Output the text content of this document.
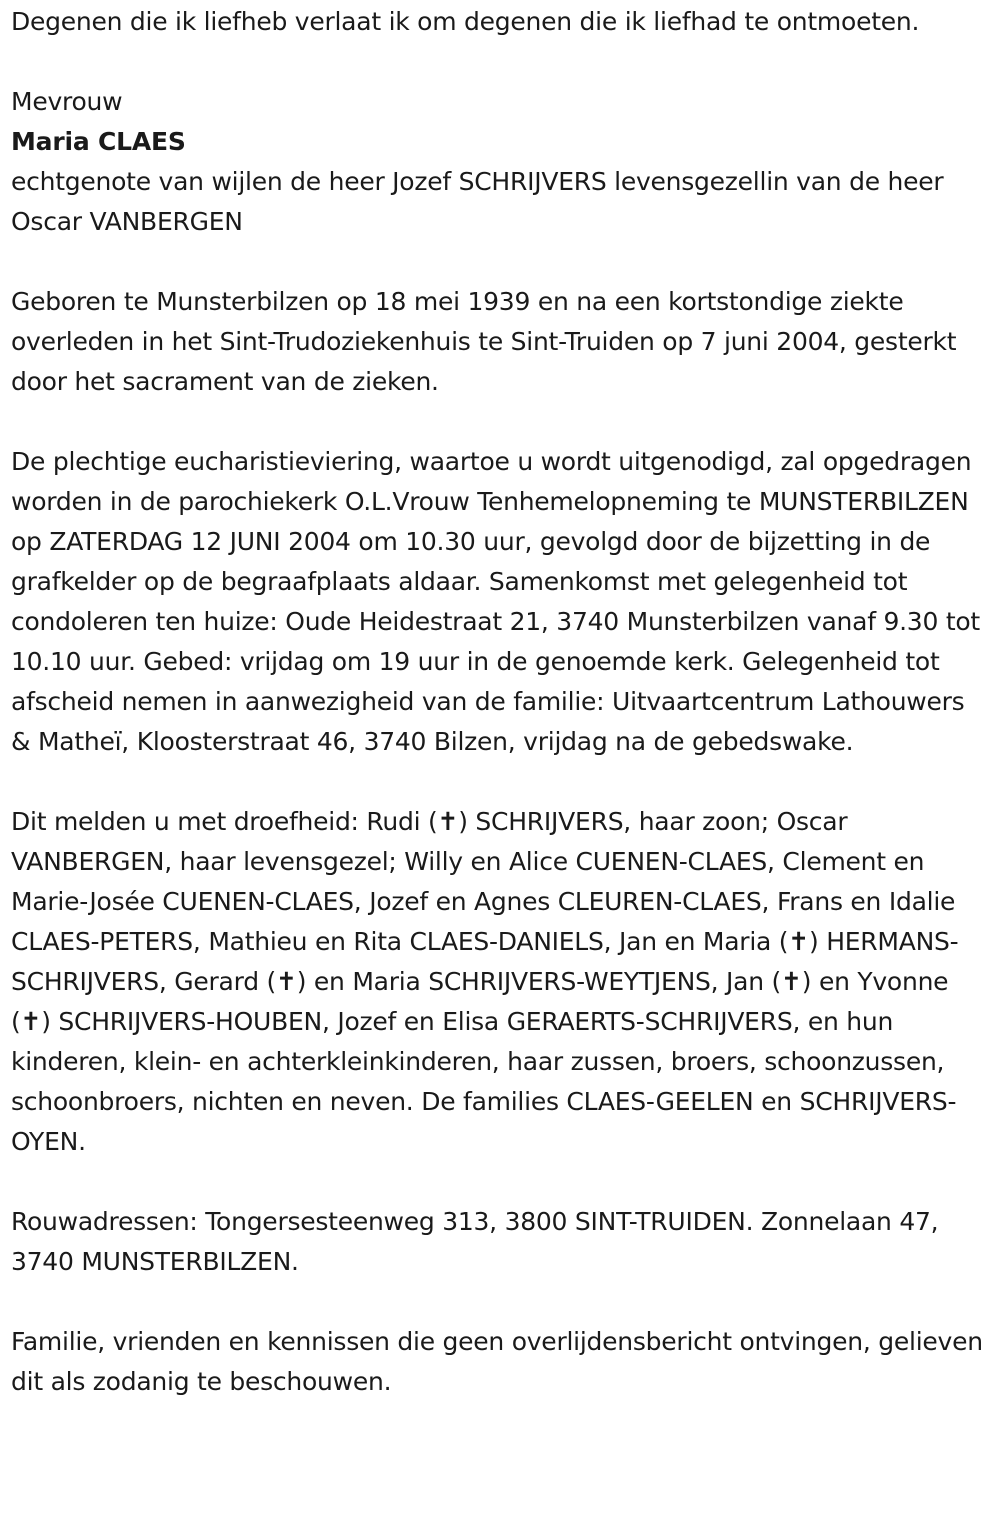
Degenen die ik liefheb verlaat ik om degenen die ik liefhad te ontmoeten.

Mevrouw

Maria CLAES

echtgenote van wijlen de heer Jozef SCHRIJVERS levensgezellin van de heer Oscar VANBERGEN

Geboren te Munsterbilzen op 18 mei 1939 en na een kortstondige ziekte overleden in het Sint-Trudoziekenhuis te Sint-Truiden op 7 juni 2004, gesterkt door het sacrament van de zieken.

De plechtige eucharistieviering, waartoe u wordt uitgenodigd, zal opgedragen worden in de parochiekerk O.L.Vrouw Tenhemelopneming te MUNSTERBILZEN op ZATERDAG 12 JUNI 2004 om 10.30 uur, gevolgd door de bijzetting in de grafkelder op de begraafplaats aldaar. Samenkomst met gelegenheid tot condoleren ten huize: Oude Heidestraat 21, 3740 Munsterbilzen vanaf 9.30 tot 10.10 uur. Gebed: vrijdag om 19 uur in de genoemde kerk. Gelegenheid tot afscheid nemen in aanwezigheid van de familie: Uitvaartcentrum Lathouwers & Matheï, Kloosterstraat 46, 3740 Bilzen, vrijdag na de gebedswake.

Dit melden u met droefheid: Rudi (✝) SCHRIJVERS, haar zoon; Oscar VANBERGEN, haar levensgezel; Willy en Alice CUENEN-CLAES, Clement en Marie-Josée CUENEN-CLAES, Jozef en Agnes CLEUREN-CLAES, Frans en Idalie CLAES-PETERS, Mathieu en Rita CLAES-DANIELS, Jan en Maria (✝) HERMANS-SCHRIJVERS, Gerard (✝) en Maria SCHRIJVERS-WEYTJENS, Jan (✝) en Yvonne (✝) SCHRIJVERS-HOUBEN, Jozef en Elisa GERAERTS-SCHRIJVERS, en hun kinderen, klein- en achterkleinkinderen, haar zussen, broers, schoonzussen, schoonbroers, nichten en neven. De families CLAES-GEELEN en SCHRIJVERS-OYEN.

Rouwadressen: Tongersesteenweg 313, 3800 SINT-TRUIDEN. Zonnelaan 47, 3740 MUNSTERBILZEN.

Familie, vrienden en kennissen die geen overlijdensbericht ontvingen, gelieven dit als zodanig te beschouwen.
